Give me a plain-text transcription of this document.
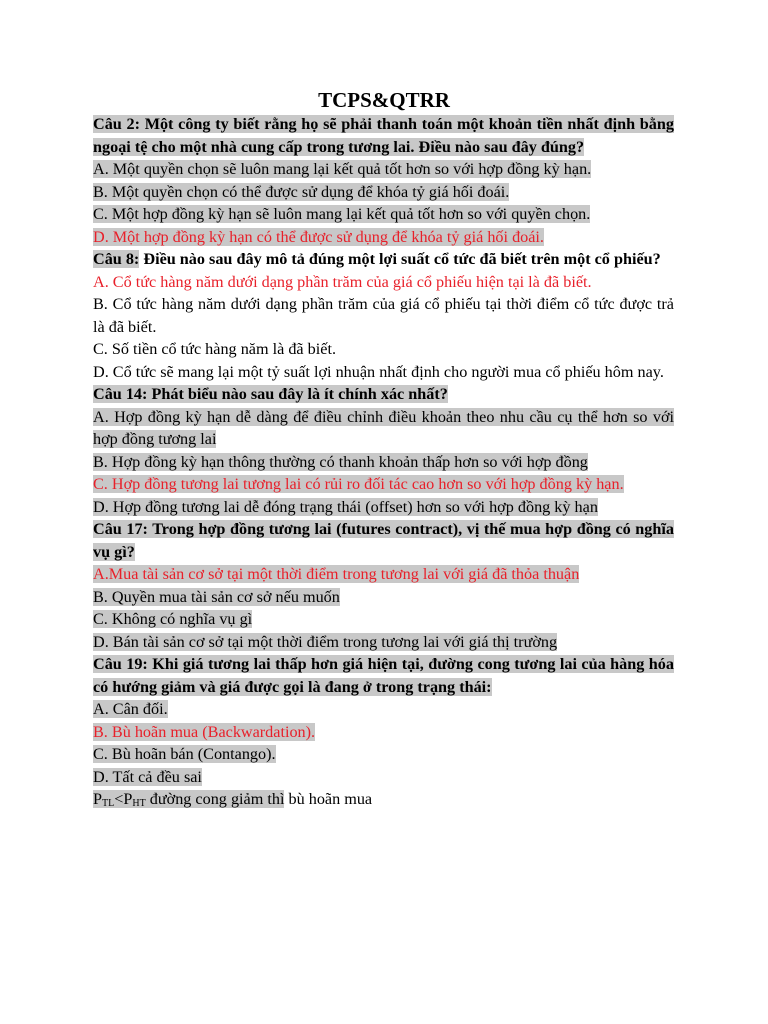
TCPS&QTRR

Câu 2: Một công ty biết rằng họ sẽ phải thanh toán một khoản tiền nhất định bằng ngoại tệ cho một nhà cung cấp trong tương lai. Điều nào sau đây đúng?

A. Một quyền chọn sẽ luôn mang lại kết quả tốt hơn so với hợp đồng kỳ hạn.

B. Một quyền chọn có thể được sử dụng để khóa tỷ giá hối đoái.

C. Một hợp đồng kỳ hạn sẽ luôn mang lại kết quả tốt hơn so với quyền chọn.

D. Một hợp đồng kỳ hạn có thể được sử dụng để khóa tỷ giá hối đoái.

Câu 8: Điều nào sau đây mô tả đúng một lợi suất cổ tức đã biết trên một cổ phiếu?

A. Cổ tức hàng năm dưới dạng phần trăm của giá cổ phiếu hiện tại là đã biết.

B. Cổ tức hàng năm dưới dạng phần trăm của giá cổ phiếu tại thời điểm cổ tức được trả là đã biết.

C. Số tiền cổ tức hàng năm là đã biết.

D. Cổ tức sẽ mang lại một tỷ suất lợi nhuận nhất định cho người mua cổ phiếu hôm nay.

Câu 14: Phát biểu nào sau đây là ít chính xác nhất?

A. Hợp đồng kỳ hạn dễ dàng để điều chỉnh điều khoản theo nhu cầu cụ thể hơn so với hợp đồng tương lai

B. Hợp đồng kỳ hạn thông thường có thanh khoản thấp hơn so với hợp đồng

C. Hợp đồng tương lai tương lai có rủi ro đối tác cao hơn so với hợp đồng kỳ hạn.

D. Hợp đồng tương lai dễ đóng trạng thái (offset) hơn so với hợp đồng kỳ hạn

Câu 17: Trong hợp đồng tương lai (futures contract), vị thế mua hợp đồng có nghĩa vụ gì?

A.Mua tài sản cơ sở tại một thời điểm trong tương lai với giá đã thỏa thuận

B. Quyền mua tài sản cơ sở nếu muốn

C. Không có nghĩa vụ gì

D. Bán tài sản cơ sở tại một thời điểm trong tương lai với giá thị trường

Câu 19: Khi giá tương lai thấp hơn giá hiện tại, đường cong tương lai của hàng hóa có hướng giảm và giá được gọi là đang ở trong trạng thái:

A. Cân đối.

B. Bù hoãn mua (Backwardation).

C. Bù hoãn bán (Contango).

D. Tất cả đều sai

$P_{TL}<P_{HT}$ đường cong giảm thì bù hoãn mua
